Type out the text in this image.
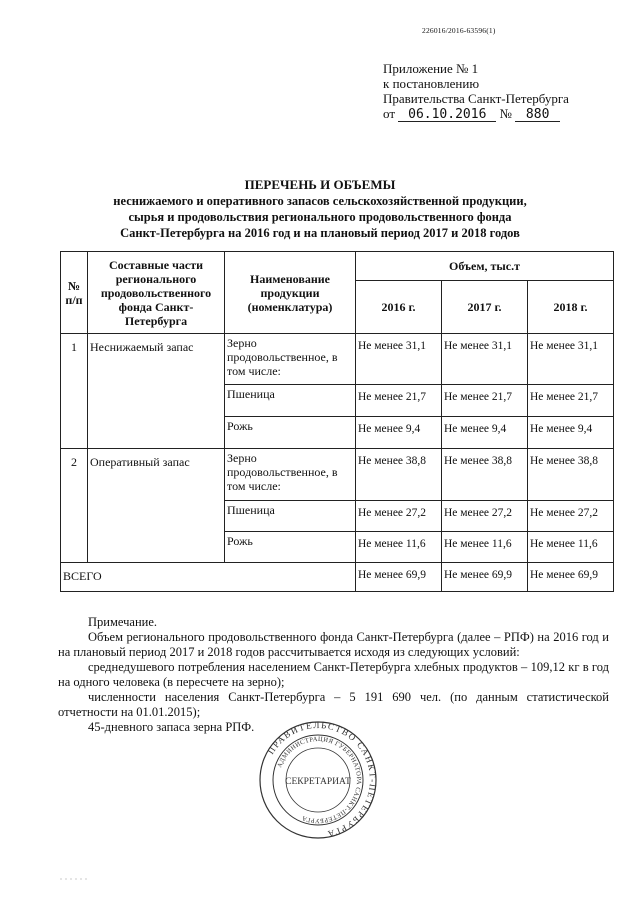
226016/2016-63596(1)
Приложение № 1
к постановлению
Правительства Санкт-Петербурга
от 06.10.2016 № 880
ПЕРЕЧЕНЬ И ОБЪЕМЫ
неснижаемого и оперативного запасов сельскохозяйственной продукции,
сырья и продовольствия регионального продовольственного фонда
Санкт-Петербурга на 2016 год и на плановый период 2017 и 2018 годов
№ п/п	Составные части регионального продовольственного фонда Санкт-Петербурга	Наименование продукции (номенклатура)	Объем, тыс.т		
			2016 г.	2017 г.	2018 г.
1	Неснижаемый запас	Зерно продовольственное, в том числе:	Не менее 31,1	Не менее 31,1	Не менее 31,1
		Пшеница	Не менее 21,7	Не менее 21,7	Не менее 21,7
		Рожь	Не менее 9,4	Не менее 9,4	Не менее 9,4
2	Оперативный запас	Зерно продовольственное, в том числе:	Не менее 38,8	Не менее 38,8	Не менее 38,8
		Пшеница	Не менее 27,2	Не менее 27,2	Не менее 27,2
		Рожь	Не менее 11,6	Не менее 11,6	Не менее 11,6
ВСЕГО			Не менее 69,9	Не менее 69,9	Не менее 69,9

Примечание.

Объем регионального продовольственного фонда Санкт-Петербурга (далее – РПФ) на 2016 год и на плановый период 2017 и 2018 годов рассчитывается исходя из следующих условий:

среднедушевого потребления населением Санкт-Петербурга хлебных продуктов – 109,12 кг в год на одного человека (в пересчете на зерно);

численности населения Санкт-Петербурга – 5 191 690 чел. (по данным статистической отчетности на 01.01.2015);

45-дневного запаса зерна РПФ.

ПРАВИТЕЛЬСТВО САНКТ-ПЕТЕРБУРГА
АДМИНИСТРАЦИЯ ГУБЕРНАТОРА САНКТ-ПЕТЕРБУРГА
СЕКРЕТАРИАТ
